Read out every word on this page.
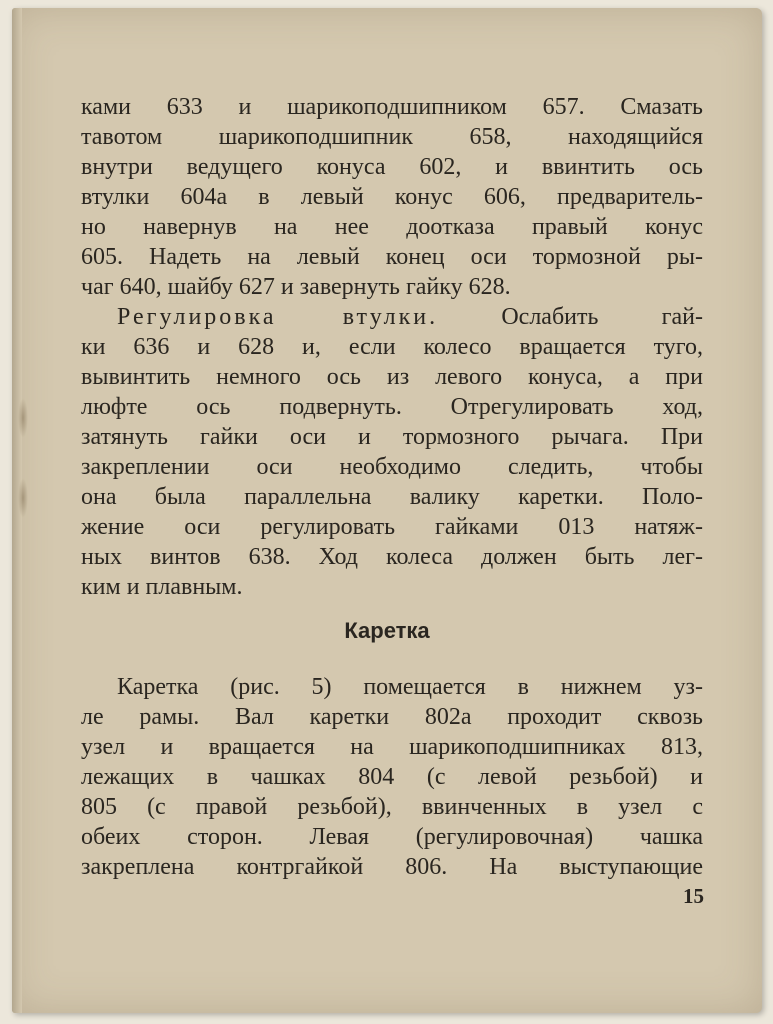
ками 633 и шарикоподшипником 657. Смазать
тавотом шарикоподшипник 658, находящийся
внутри ведущего конуса 602, и ввинтить ось
втулки 604а в левый конус 606, предваритель-
но навернув на нее доотказа правый конус
605. Надеть на левый конец оси тормозной ры-
чаг 640, шайбу 627 и завернуть гайку 628.
Регулировка втулки.	Ослабить гай-
ки 636 и 628 и, если колесо вращается туго,
вывинтить немного ось из левого конуса, а при
люфте ось подвернуть. Отрегулировать ход,
затянуть гайки оси и тормозного рычага. При
закреплении оси необходимо следить, чтобы
она была параллельна валику каретки. Поло-
жение оси регулировать гайками 013 натяж-
ных винтов 638. Ход колеса должен быть лег-
ким и плавным.
Каретка
Каретка (рис. 5) помещается в нижнем уз-
ле рамы. Вал каретки 802а проходит сквозь
узел и вращается на шарикоподшипниках 813,
лежащих в чашках 804 (с левой резьбой) и
805 (с правой резьбой), ввинченных в узел с
обеих сторон. Левая (регулировочная) чашка
закреплена контргайкой 806. На выступающие
15
